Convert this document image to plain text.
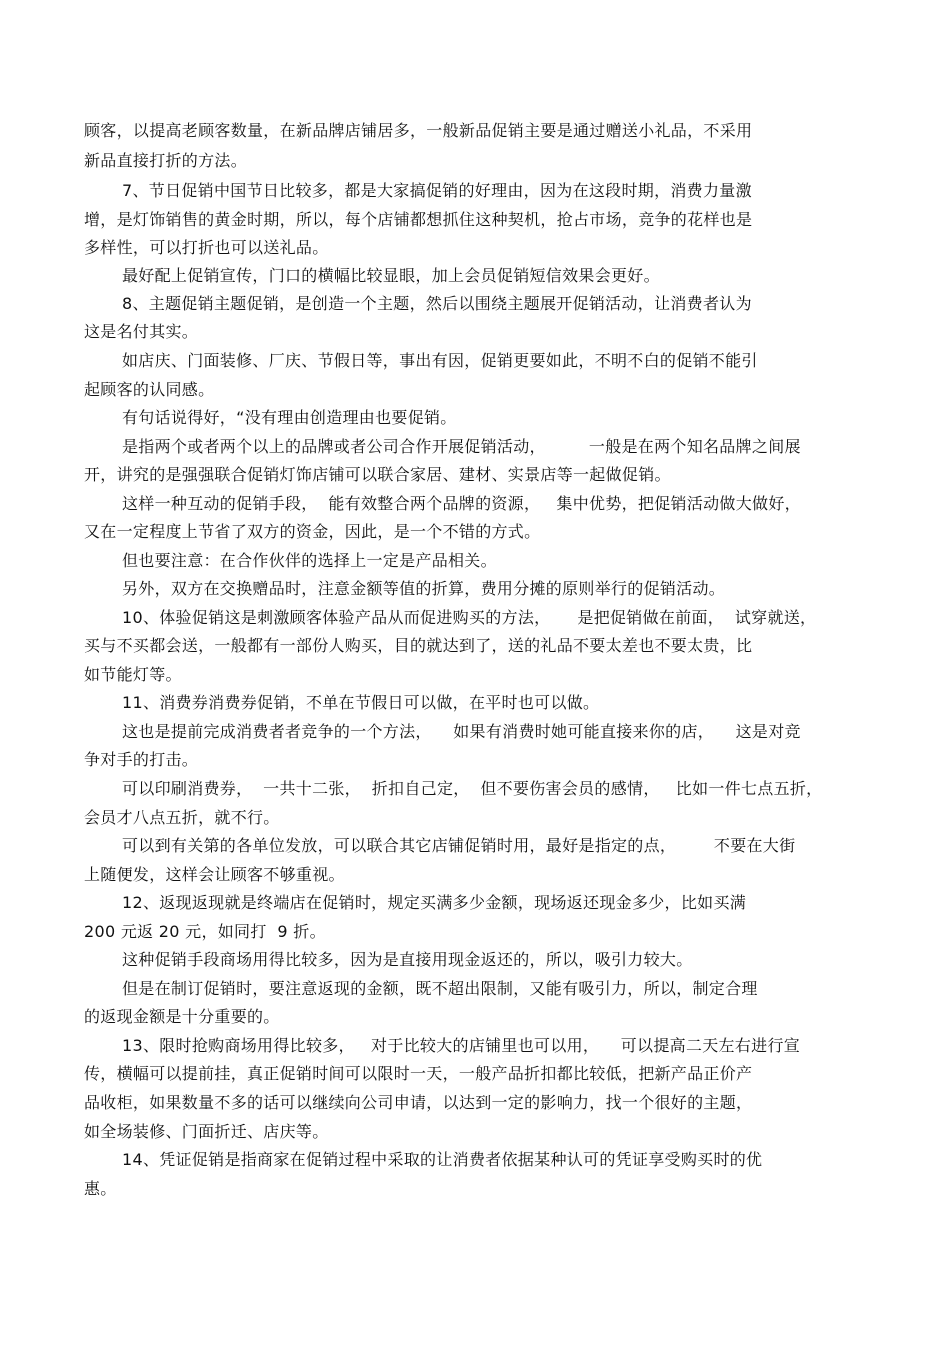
顾客，以提高老顾客数量，在新品牌店铺居多，一般新品促销主要是通过赠送小礼品，不采用
新品直接打折的方法。
7、节日促销中国节日比较多，都是大家搞促销的好理由，因为在这段时期，消费力量激
增，是灯饰销售的黄金时期，所以，每个店铺都想抓住这种契机，抢占市场，竞争的花样也是
多样性，可以打折也可以送礼品。
最好配上促销宣传，门口的横幅比较显眼，加上会员促销短信效果会更好。
8、主题促销主题促销，是创造一个主题，然后以围绕主题展开促销活动，让消费者认为
这是名付其实。
如店庆、门面装修、厂庆、节假日等，事出有因，促销更要如此，不明不白的促销不能引
起顾客的认同感。
有句话说得好，“没有理由创造理由也要促销。
是指两个或者两个以上的品牌或者公司合作开展促销活动，        一般是在两个知名品牌之间展
开，讲究的是强强联合促销灯饰店铺可以联合家居、建材、实景店等一起做促销。
这样一种互动的促销手段，  能有效整合两个品牌的资源，   集中优势，把促销活动做大做好，
又在一定程度上节省了双方的资金，因此，是一个不错的方式。
但也要注意：在合作伙伴的选择上一定是产品相关。
另外，双方在交换赠品时，注意金额等值的折算，费用分摊的原则举行的促销活动。
10、体验促销这是刺激顾客体验产品从而促进购买的方法，     是把促销做在前面，  试穿就送，
买与不买都会送，一般都有一部份人购买，目的就达到了，送的礼品不要太差也不要太贵，比
如节能灯等。
11、消费券消费券促销，不单在节假日可以做，在平时也可以做。
这也是提前完成消费者者竞争的一个方法，    如果有消费时她可能直接来你的店，    这是对竞
争对手的打击。
可以印刷消费券，  一共十二张，  折扣自己定，  但不要伤害会员的感情，   比如一件七点五折，
会员才八点五折，就不行。
可以到有关第的各单位发放，可以联合其它店铺促销时用，最好是指定的点，       不要在大街
上随便发，这样会让顾客不够重视。
12、返现返现就是终端店在促销时，规定买满多少金额，现场返还现金多少，比如买满
200 元返 20 元，如同打  9 折。
这种促销手段商场用得比较多，因为是直接用现金返还的，所以，吸引力较大。
但是在制订促销时，要注意返现的金额，既不超出限制，又能有吸引力，所以，制定合理
的返现金额是十分重要的。
13、限时抢购商场用得比较多，   对于比较大的店铺里也可以用，    可以提高二天左右进行宣
传，横幅可以提前挂，真正促销时间可以限时一天，一般产品折扣都比较低，把新产品正价产
品收柜，如果数量不多的话可以继续向公司申请，以达到一定的影响力，找一个很好的主题，
如全场装修、门面折迁、店庆等。
14、凭证促销是指商家在促销过程中采取的让消费者依据某种认可的凭证享受购买时的优
惠。
